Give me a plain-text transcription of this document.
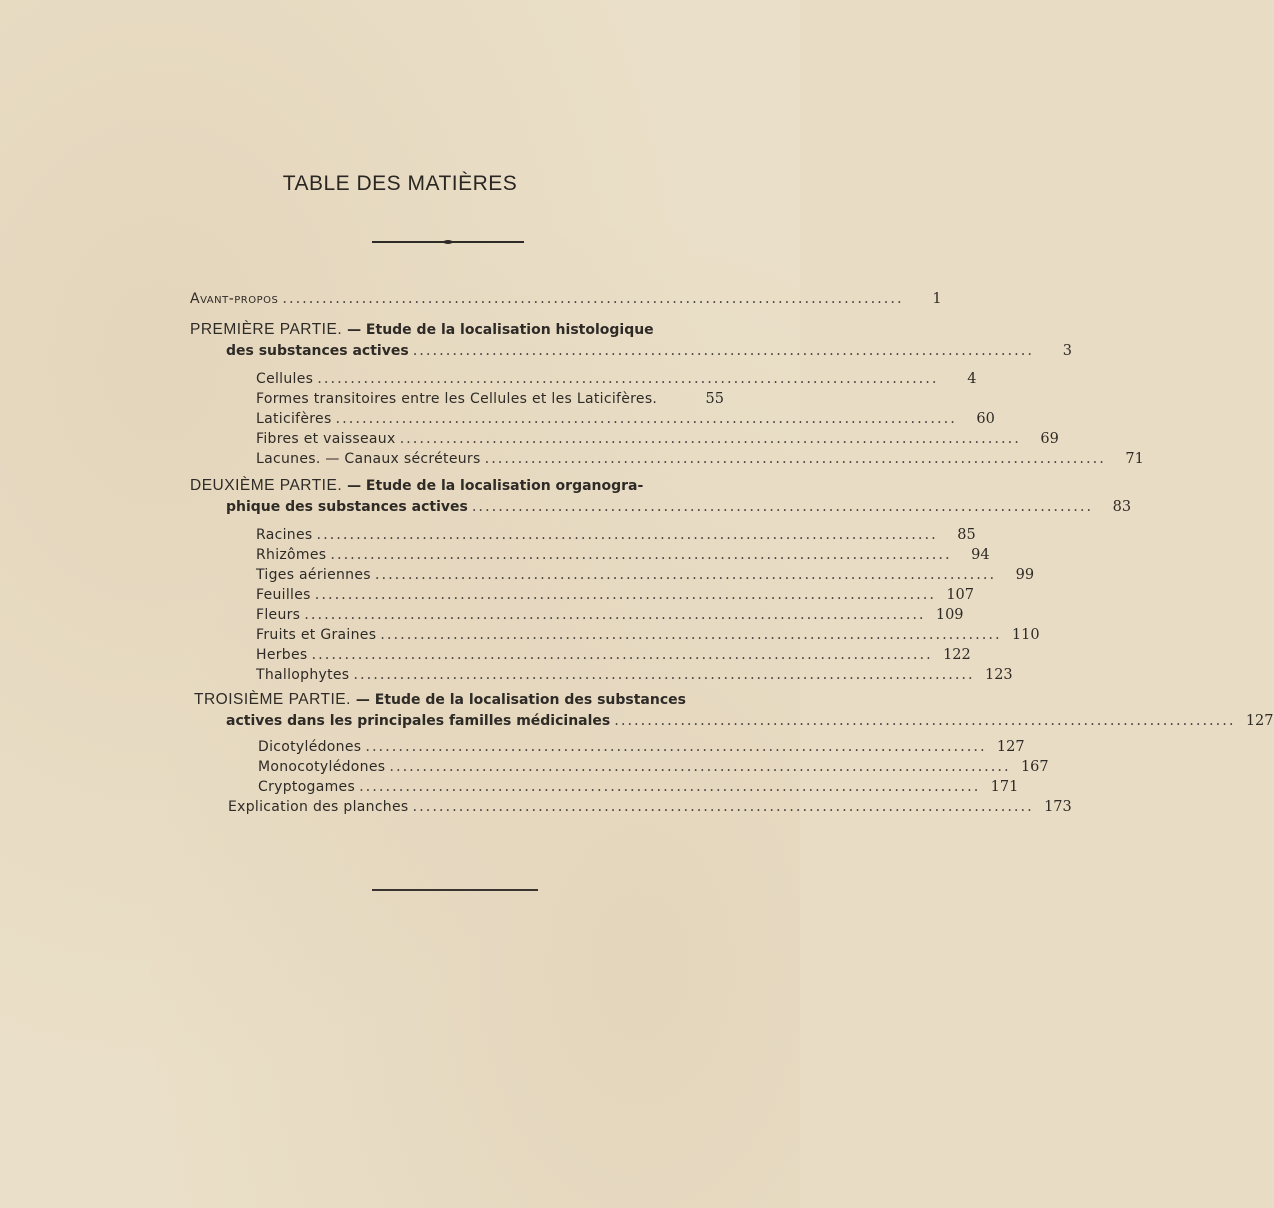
TABLE DES MATIÈRES
Avant-propos ..............................................................................................	1
PREMIÈRE PARTIE. — Etude de la localisation histologique
des substances actives ..............................................................................................	3
Cellules ..............................................................................................	4
Formes transitoires entre les Cellules et les Laticifères.	55
Laticifères ..............................................................................................	60
Fibres et vaisseaux ..............................................................................................	69
Lacunes. — Canaux sécréteurs ..............................................................................................	71
DEUXIÈME PARTIE. — Etude de la localisation organogra-
phique des substances actives ..............................................................................................	83
Racines ..............................................................................................	85
Rhizômes ..............................................................................................	94
Tiges aériennes ..............................................................................................	99
Feuilles .............................................................................................. 107
Fleurs .............................................................................................. 109
Fruits et Graines .............................................................................................. 110
Herbes .............................................................................................. 122
Thallophytes .............................................................................................. 123
TROISIÈME PARTIE. — Etude de la localisation des substances
actives dans les principales familles médicinales .............................................................................................. 127
Dicotylédones .............................................................................................. 127
Monocotylédones .............................................................................................. 167
Cryptogames .............................................................................................. 171
Explication des planches .............................................................................................. 173
